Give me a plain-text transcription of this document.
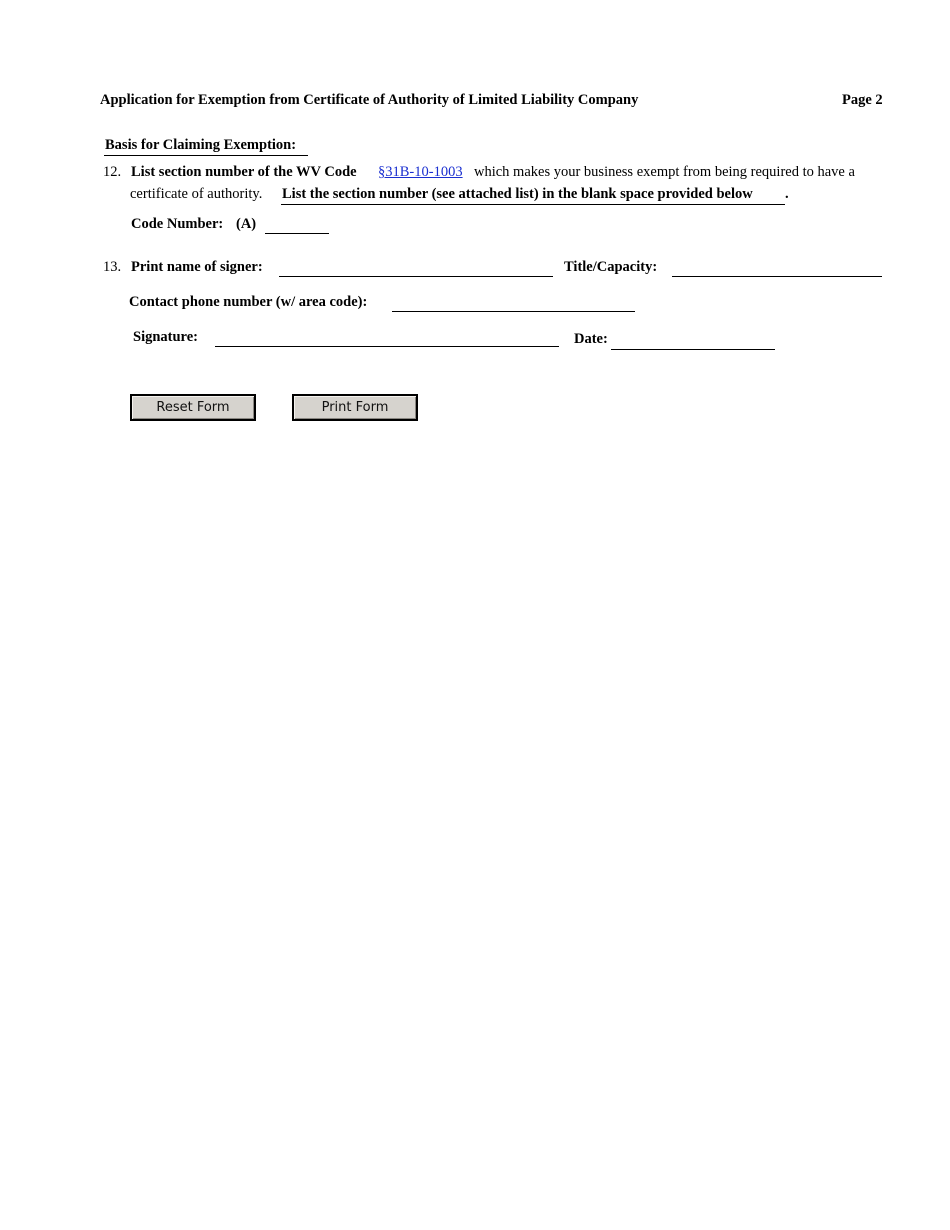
Application for Exemption from Certificate of Authority of Limited Liability Company	Page 2
Basis for Claiming Exemption:
12. List section number of the WV Code §31B-10-1003 which makes your business exempt from being required to have a
certificate of authority. List the section number (see attached list) in the blank space provided below .
Code Number: (A)
13. Print name of signer:	Title/Capacity:
Contact phone number (w/ area code):
Signature:	Date:
Reset Form	Print Form
